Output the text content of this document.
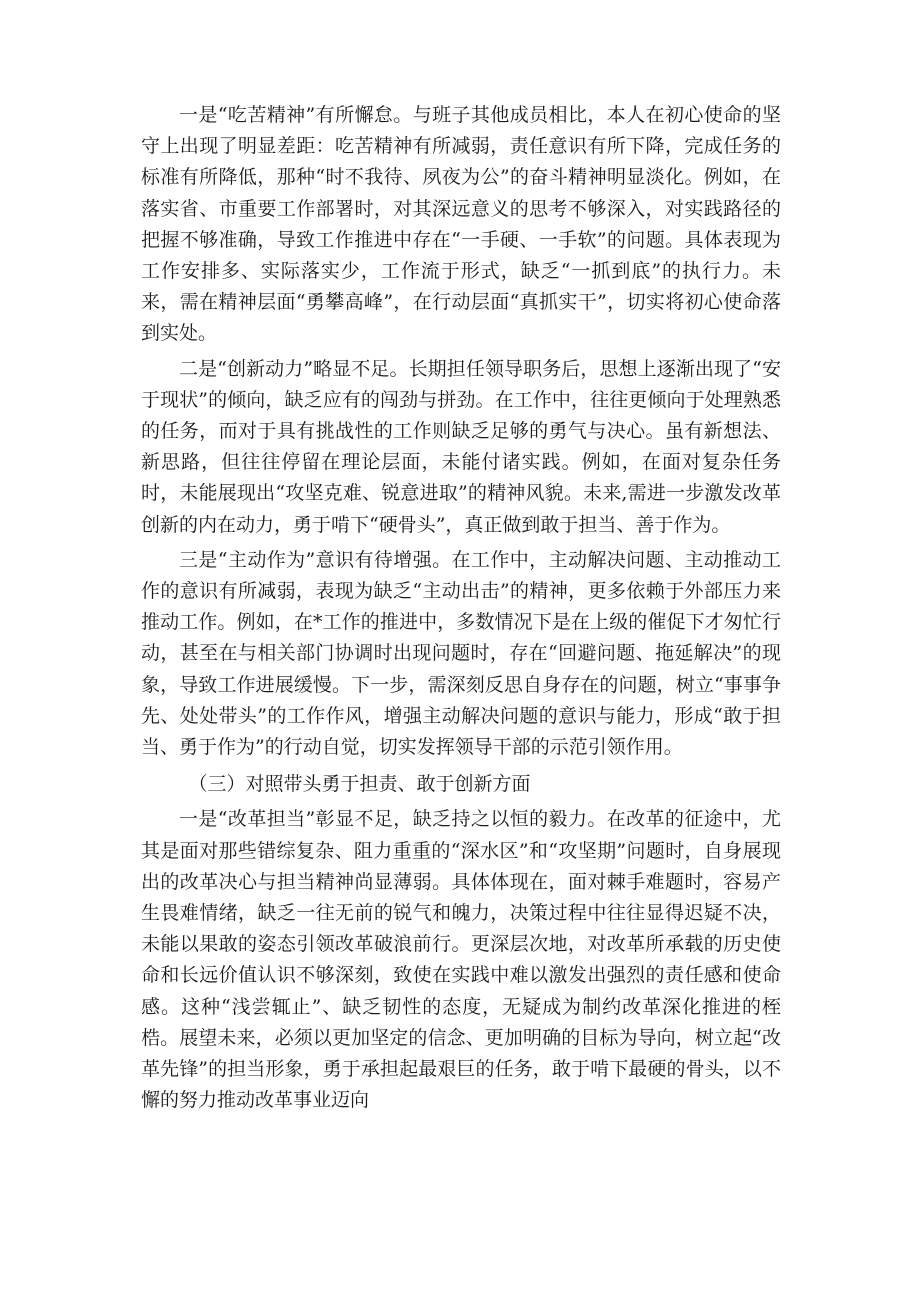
一是“吃苦精神”有所懈怠。与班子其他成员相比，本人在初心使命的坚守上出现了明显差距：吃苦精神有所减弱，责任意识有所下降，完成任务的标准有所降低，那种“时不我待、夙夜为公”的奋斗精神明显淡化。例如，在落实省、市重要工作部署时，对其深远意义的思考不够深入，对实践路径的把握不够准确，导致工作推进中存在“一手硬、一手软”的问题。具体表现为工作安排多、实际落实少，工作流于形式，缺乏“一抓到底”的执行力。未来，需在精神层面“勇攀高峰”，在行动层面“真抓实干”，切实将初心使命落到实处。

二是“创新动力”略显不足。长期担任领导职务后，思想上逐渐出现了“安于现状”的倾向，缺乏应有的闯劲与拼劲。在工作中，往往更倾向于处理熟悉的任务，而对于具有挑战性的工作则缺乏足够的勇气与决心。虽有新想法、新思路，但往往停留在理论层面，未能付诸实践。例如，在面对复杂任务时，未能展现出“攻坚克难、锐意进取”的精神风貌。未来,需进一步激发改革创新的内在动力，勇于啃下“硬骨头”，真正做到敢于担当、善于作为。

三是“主动作为”意识有待增强。在工作中，主动解决问题、主动推动工作的意识有所减弱，表现为缺乏“主动出击”的精神，更多依赖于外部压力来推动工作。例如，在*工作的推进中，多数情况下是在上级的催促下才匆忙行动，甚至在与相关部门协调时出现问题时，存在“回避问题、拖延解决”的现象，导致工作进展缓慢。下一步，需深刻反思自身存在的问题，树立“事事争先、处处带头”的工作作风，增强主动解决问题的意识与能力，形成“敢于担当、勇于作为”的行动自觉，切实发挥领导干部的示范引领作用。

（三）对照带头勇于担责、敢于创新方面

一是“改革担当”彰显不足，缺乏持之以恒的毅力。在改革的征途中，尤其是面对那些错综复杂、阻力重重的“深水区”和“攻坚期”问题时，自身展现出的改革决心与担当精神尚显薄弱。具体体现在，面对棘手难题时，容易产生畏难情绪，缺乏一往无前的锐气和魄力，决策过程中往往显得迟疑不决，未能以果敢的姿态引领改革破浪前行。更深层次地，对改革所承载的历史使命和长远价值认识不够深刻，致使在实践中难以激发出强烈的责任感和使命感。这种“浅尝辄止”、缺乏韧性的态度，无疑成为制约改革深化推进的桎梏。展望未来，必须以更加坚定的信念、更加明确的目标为导向，树立起“改革先锋”的担当形象，勇于承担起最艰巨的任务，敢于啃下最硬的骨头，以不懈的努力推动改革事业迈向
